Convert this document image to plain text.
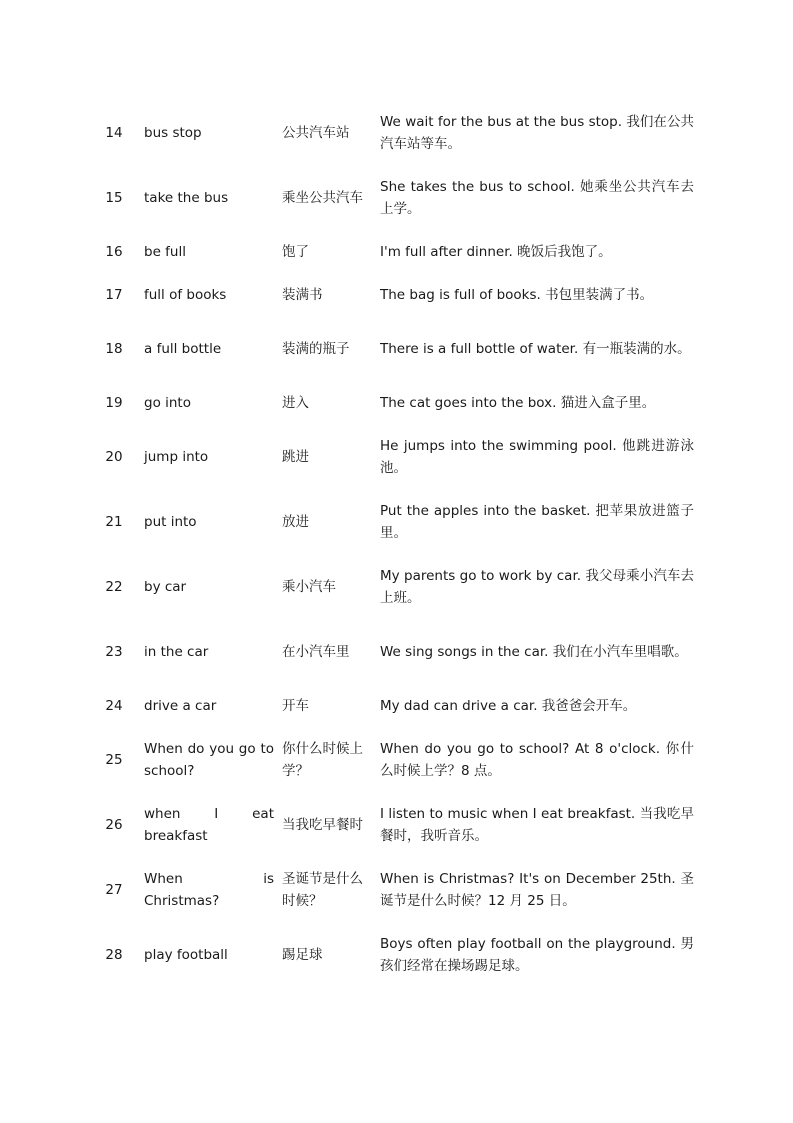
14	bus stop	公共汽车站	We wait for the bus at the bus stop. 我们在公共汽车站等车。
15	take the bus	乘坐公共汽车	She takes the bus to school. 她乘坐公共汽车去上学。
16	be full	饱了	I'm full after dinner. 晚饭后我饱了。
17	full of books	装满书	The bag is full of books. 书包里装满了书。
18	a full bottle	装满的瓶子	There is a full bottle of water. 有一瓶装满的水。
19	go into	进入	The cat goes into the box. 猫进入盒子里。
20	jump into	跳进	He jumps into the swimming pool. 他跳进游泳池。
21	put into	放进	Put the apples into the basket. 把苹果放进篮子里。
22	by car	乘小汽车	My parents go to work by car. 我父母乘小汽车去上班。
23	in the car	在小汽车里	We sing songs in the car. 我们在小汽车里唱歌。
24	drive a car	开车	My dad can drive a car. 我爸爸会开车。
25	When do you go to school?	你什么时候上学？	When do you go to school? At 8 o'clock. 你什么时候上学？8 点。
26	when I eat breakfast	当我吃早餐时	I listen to music when I eat breakfast. 当我吃早餐时，我听音乐。
27	When is Christmas?	圣诞节是什么时候？	When is Christmas? It's on December 25th. 圣诞节是什么时候？12 月 25 日。
28	play football	踢足球	Boys often play football on the playground. 男孩们经常在操场踢足球。
